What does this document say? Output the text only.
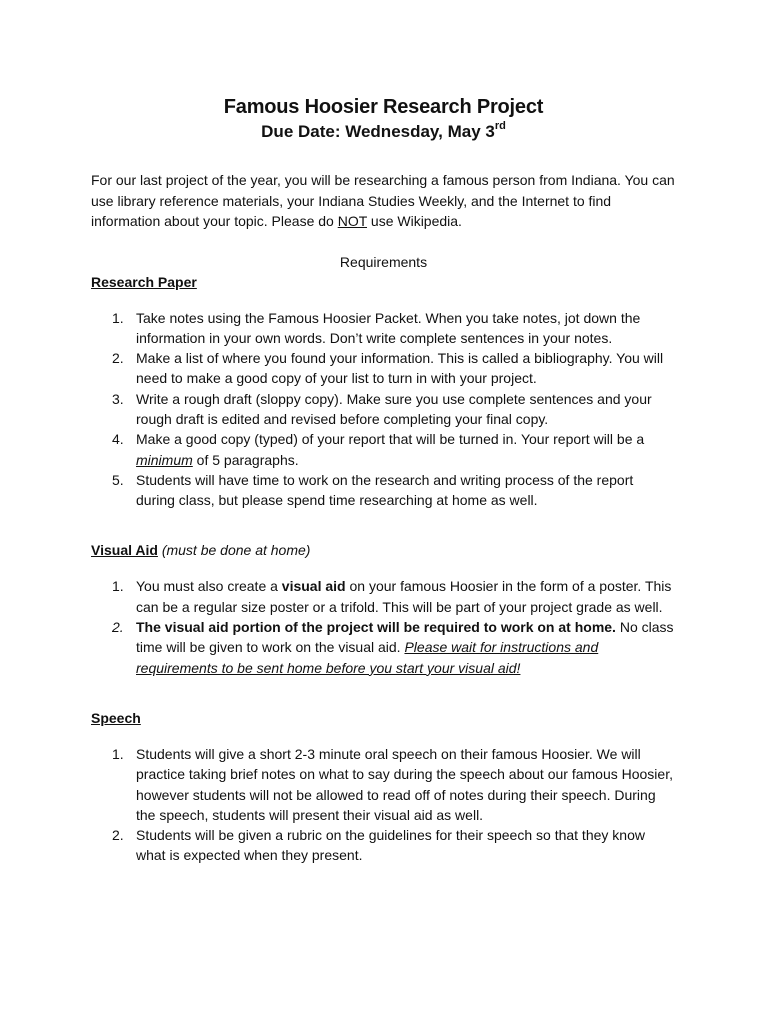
Famous Hoosier Research Project
Due Date: Wednesday, May 3rd

For our last project of the year, you will be researching a famous person from Indiana. You can use library reference materials, your Indiana Studies Weekly, and the Internet to find information about your topic. Please do NOT use Wikipedia.

Requirements
Research Paper
1. Take notes using the Famous Hoosier Packet. When you take notes, jot down the information in your own words. Don’t write complete sentences in your notes.
2. Make a list of where you found your information. This is called a bibliography. You will need to make a good copy of your list to turn in with your project.
3. Write a rough draft (sloppy copy). Make sure you use complete sentences and your rough draft is edited and revised before completing your final copy.
4. Make a good copy (typed) of your report that will be turned in. Your report will be a minimum of 5 paragraphs.
5. Students will have time to work on the research and writing process of the report during class, but please spend time researching at home as well.
Visual Aid (must be done at home)
1. You must also create a visual aid on your famous Hoosier in the form of a poster. This can be a regular size poster or a trifold. This will be part of your project grade as well.
2. The visual aid portion of the project will be required to work on at home. No class time will be given to work on the visual aid. Please wait for instructions and requirements to be sent home before you start your visual aid!
Speech
1. Students will give a short 2-3 minute oral speech on their famous Hoosier. We will practice taking brief notes on what to say during the speech about our famous Hoosier, however students will not be allowed to read off of notes during their speech. During the speech, students will present their visual aid as well.
2. Students will be given a rubric on the guidelines for their speech so that they know what is expected when they present.
